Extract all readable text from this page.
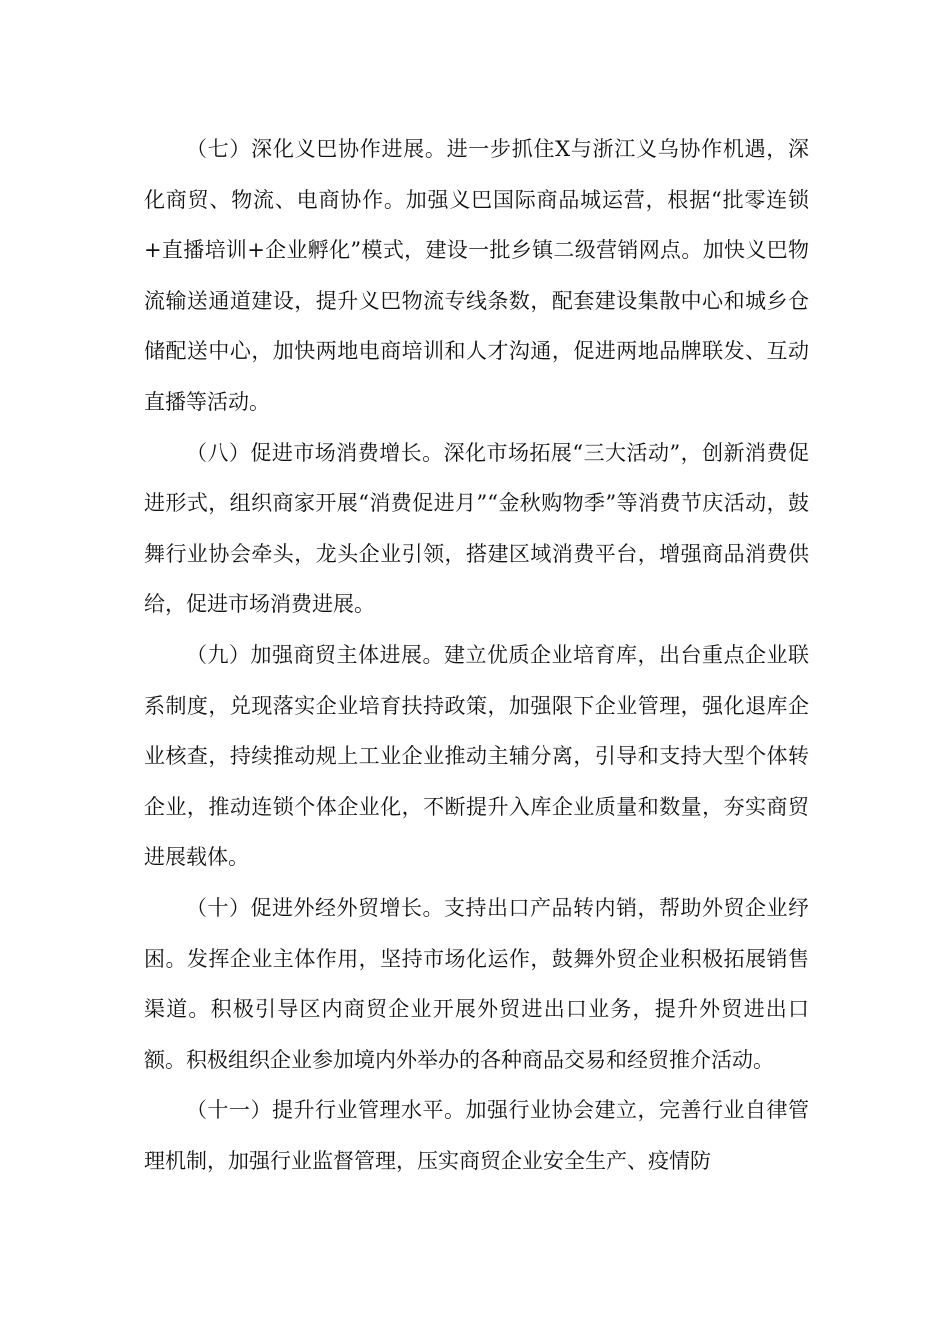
（七）深化义巴协作进展。进一步抓住X与浙江义乌协作机遇，深化商贸、物流、电商协作。加强义巴国际商品城运营，根据“批零连锁+直播培训+企业孵化”模式，建设一批乡镇二级营销网点。加快义巴物流输送通道建设，提升义巴物流专线条数，配套建设集散中心和城乡仓储配送中心，加快两地电商培训和人才沟通，促进两地品牌联发、互动直播等活动。

（八）促进市场消费增长。深化市场拓展“三大活动”，创新消费促进形式，组织商家开展“消费促进月”“金秋购物季”等消费节庆活动，鼓舞行业协会牵头，龙头企业引领，搭建区域消费平台，增强商品消费供给，促进市场消费进展。

（九）加强商贸主体进展。建立优质企业培育库，出台重点企业联系制度，兑现落实企业培育扶持政策，加强限下企业管理，强化退库企业核查，持续推动规上工业企业推动主辅分离，引导和支持大型个体转企业，推动连锁个体企业化，不断提升入库企业质量和数量，夯实商贸进展载体。

（十）促进外经外贸增长。支持出口产品转内销，帮助外贸企业纾困。发挥企业主体作用，坚持市场化运作，鼓舞外贸企业积极拓展销售渠道。积极引导区内商贸企业开展外贸进出口业务，提升外贸进出口额。积极组织企业参加境内外举办的各种商品交易和经贸推介活动。

（十一）提升行业管理水平。加强行业协会建立，完善行业自律管理机制，加强行业监督管理，压实商贸企业安全生产、疫情防
